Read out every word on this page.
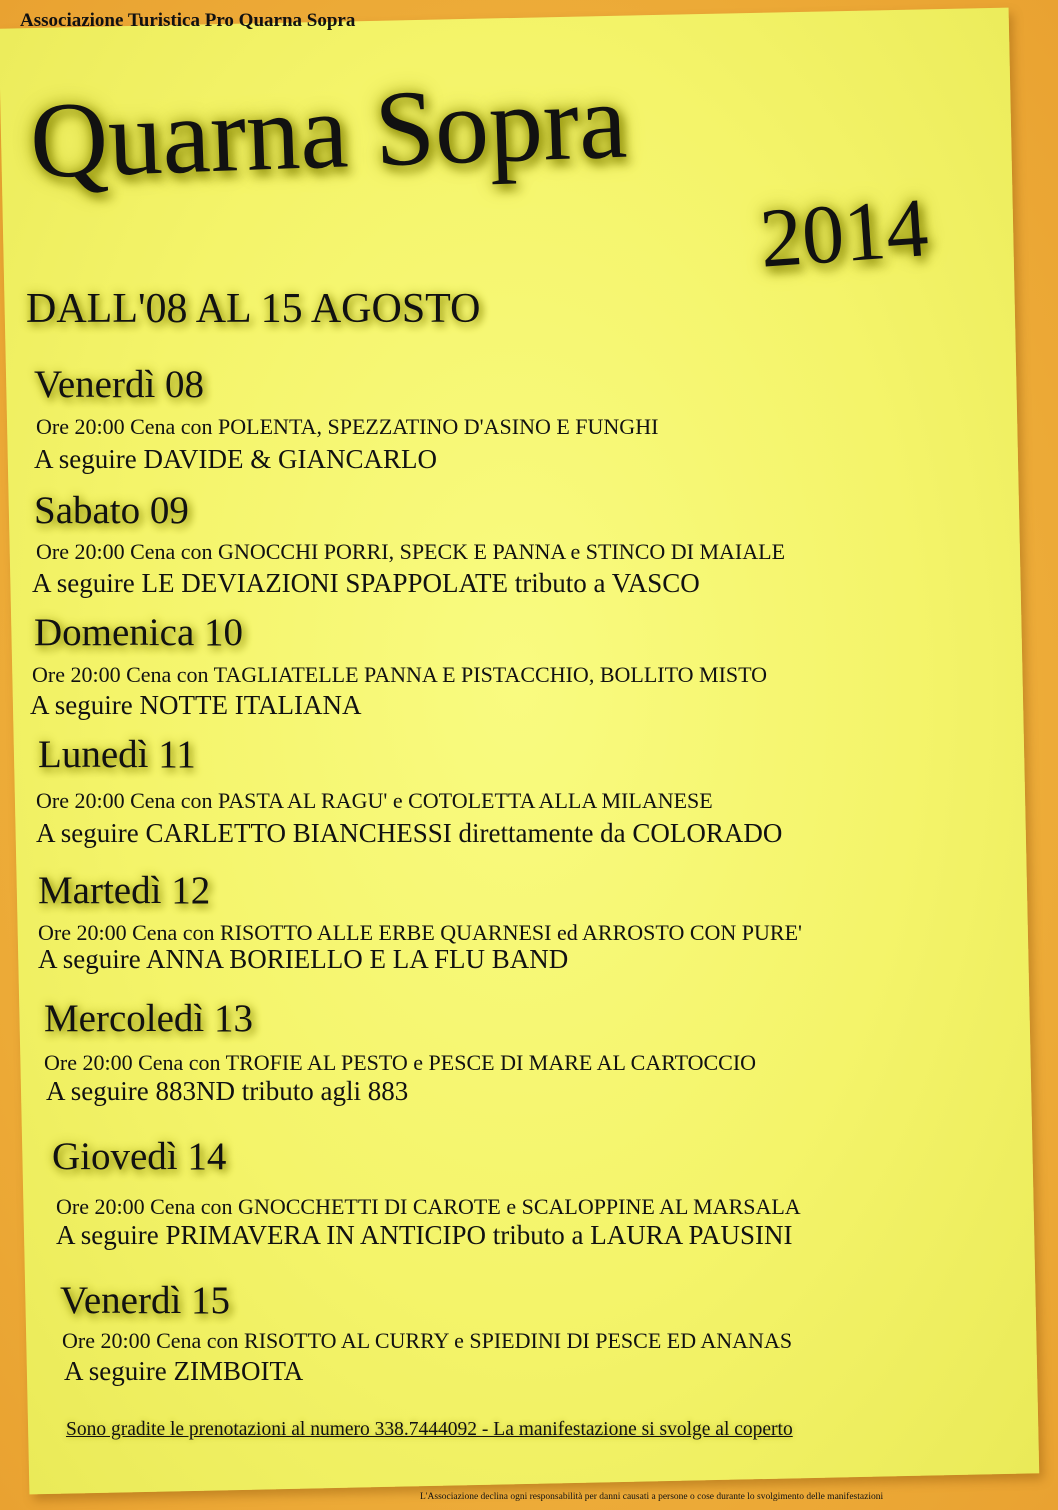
Associazione Turistica Pro Quarna Sopra
Quarna Sopra
2014
DALL'08 AL 15 AGOSTO
Venerdì 08
Ore 20:00 Cena con POLENTA, SPEZZATINO D'ASINO E FUNGHI
A seguire DAVIDE & GIANCARLO
Sabato 09
Ore 20:00 Cena con GNOCCHI PORRI, SPECK E PANNA e STINCO DI MAIALE
A seguire LE DEVIAZIONI SPAPPOLATE tributo a VASCO
Domenica 10
Ore 20:00 Cena con TAGLIATELLE PANNA E PISTACCHIO, BOLLITO MISTO
A seguire NOTTE ITALIANA
Lunedì 11
Ore 20:00 Cena con PASTA AL RAGU' e COTOLETTA ALLA MILANESE
A seguire CARLETTO BIANCHESSI direttamente da COLORADO
Martedì 12
Ore 20:00 Cena con RISOTTO ALLE ERBE QUARNESI ed ARROSTO CON PURE'
A seguire ANNA BORIELLO E LA FLU BAND
Mercoledì 13
Ore 20:00 Cena con TROFIE AL PESTO e PESCE DI MARE AL CARTOCCIO
A seguire 883ND tributo agli 883
Giovedì 14
Ore 20:00 Cena con GNOCCHETTI DI CAROTE e SCALOPPINE AL MARSALA
A seguire PRIMAVERA IN ANTICIPO tributo a LAURA PAUSINI
Venerdì 15
Ore 20:00 Cena con RISOTTO AL CURRY e SPIEDINI DI PESCE ED ANANAS
A seguire ZIMBOITA
Sono gradite le prenotazioni al numero 338.7444092 - La manifestazione si svolge al coperto
L'Associazione declina ogni responsabilità per danni causati a persone o cose durante lo svolgimento delle manifestazioni
